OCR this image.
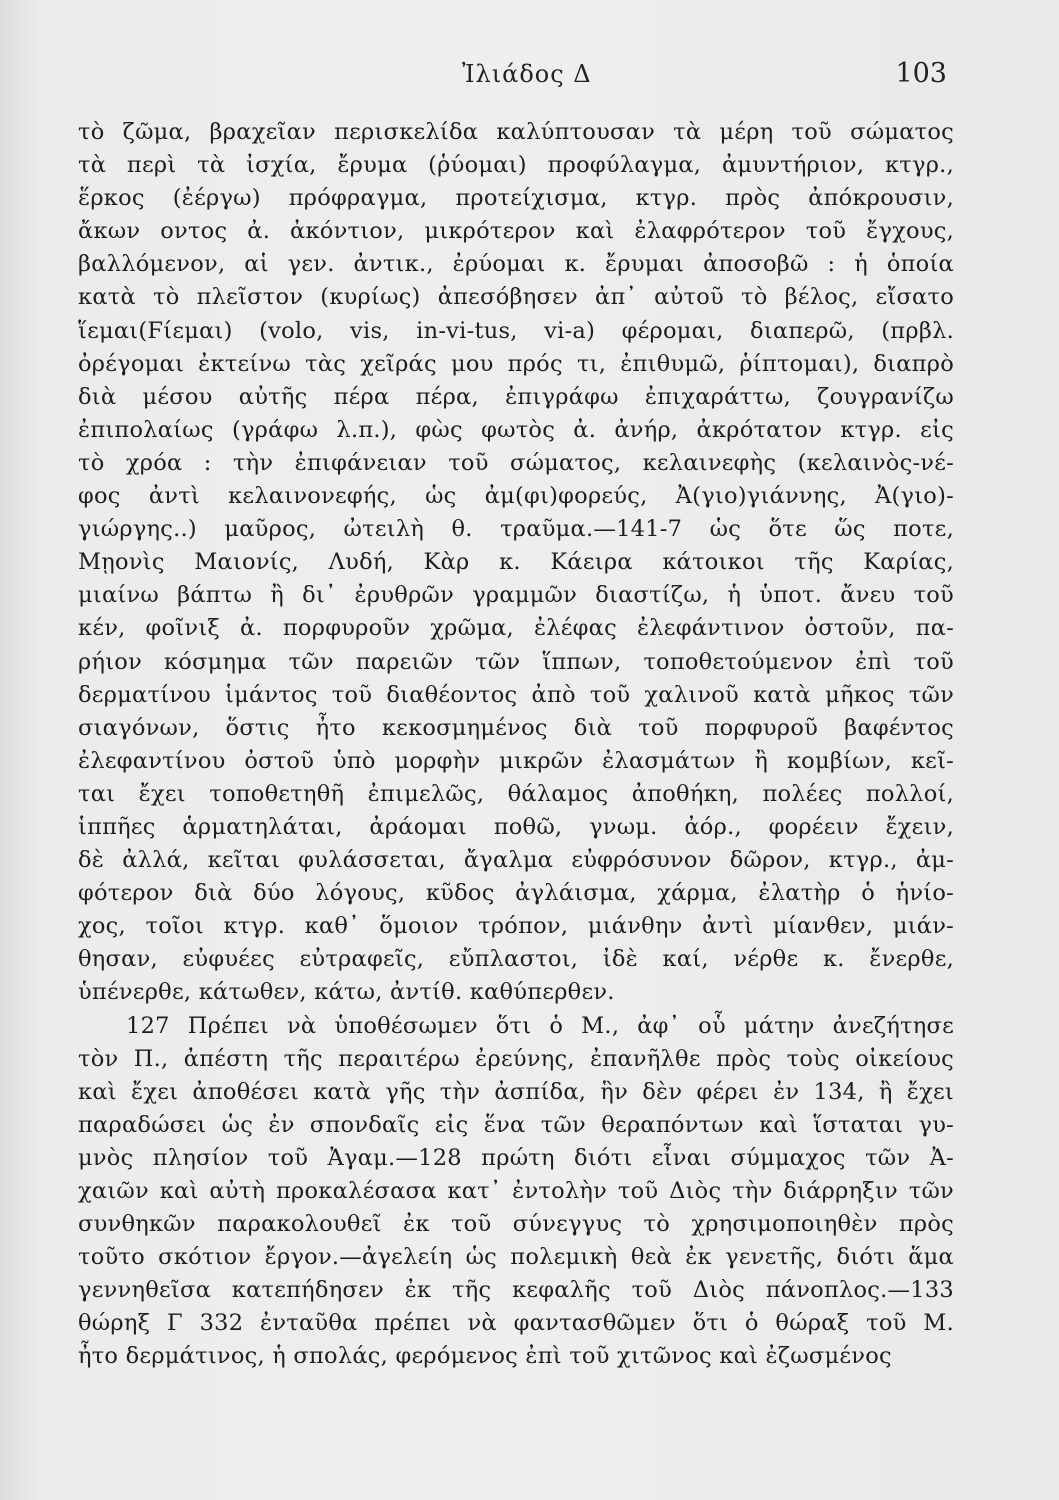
Ἰλιάδος Δ	103
τὸ ζῶμα, βραχεῖαν περισκελίδα καλύπτουσαν τὰ μέρη τοῦ σώματος
τὰ περὶ τὰ ἰσχία, ἔρυμα (ῥύομαι) προφύλαγμα, ἀμυντήριον, κτγρ.,
ἕρκος (ἐέργω) πρόφραγμα, προτείχισμα, κτγρ. πρὸς ἀπόκρουσιν,
ἄκων οντος ἀ. ἀκόντιον, μικρότερον καὶ ἐλαφρότερον τοῦ ἔγχους,
βαλλόμενον, αἱ γεν. ἀντικ., ἐρύομαι κ. ἔρυμαι ἀποσοβῶ : ἡ ὁποία
κατὰ τὸ πλεῖστον (κυρίως) ἀπεσόβησεν ἀπ᾽ αὐτοῦ τὸ βέλος, εἴσατο
ἵεμαι(Ϝίεμαι) (volo, vis, in-vi-tus, vi-a) φέρομαι, διαπερῶ, (πρβλ.
ὀρέγομαι ἐκτείνω τὰς χεῖράς μου πρός τι, ἐπιθυμῶ, ῥίπτομαι), διαπρὸ
διὰ μέσου αὐτῆς πέρα πέρα, ἐπιγράφω ἐπιχαράττω, ζουγρανίζω
ἐπιπολαίως (γράφω λ.π.), φὼς φωτὸς ἀ. ἀνήρ, ἀκρότατον κτγρ. εἰς
τὸ χρόα : τὴν ἐπιφάνειαν τοῦ σώματος, κελαινεφὴς (κελαινὸς-νέ-
φος ἀντὶ κελαινονεφής, ὡς ἀμ(φι)φορεύς, Ἀ(γιο)γιάννης, Ἀ(γιο)-
γιώργης..) μαῦρος, ὠτειλὴ θ. τραῦμα.—141-7 ὡς ὅτε ὥς ποτε,
Μῃονὶς Μαιονίς, Λυδή, Κὰρ κ. Κάειρα κάτοικοι τῆς Καρίας,
μιαίνω βάπτω ἢ δι᾽ ἐρυθρῶν γραμμῶν διαστίζω, ἡ ὑποτ. ἄνευ τοῦ
κέν, φοῖνιξ ἀ. πορφυροῦν χρῶμα, ἐλέφας ἐλεφάντινον ὀστοῦν, πα-
ρήιον κόσμημα τῶν παρειῶν τῶν ἵππων, τοποθετούμενον ἐπὶ τοῦ
δερματίνου ἱμάντος τοῦ διαθέοντος ἀπὸ τοῦ χαλινοῦ κατὰ μῆκος τῶν
σιαγόνων, ὅστις ἦτο κεκοσμημένος διὰ τοῦ πορφυροῦ βαφέντος
ἐλεφαντίνου ὀστοῦ ὑπὸ μορφὴν μικρῶν ἐλασμάτων ἢ κομβίων, κεῖ-
ται ἔχει τοποθετηθῆ ἐπιμελῶς, θάλαμος ἀποθήκη, πολέες πολλοί,
ἱππῆες ἁρματηλάται, ἀράομαι ποθῶ, γνωμ. ἀόρ., φορέειν ἔχειν,
δὲ ἀλλά, κεῖται φυλάσσεται, ἄγαλμα εὐφρόσυνον δῶρον, κτγρ., ἀμ-
φότερον διὰ δύο λόγους, κῦδος ἀγλάισμα, χάρμα, ἐλατὴρ ὁ ἡνίο-
χος, τοῖοι κτγρ. καθ᾽ ὅμοιον τρόπον, μιάνθην ἀντὶ μίανθεν, μιάν-
θησαν, εὐφυέες εὐτραφεῖς, εὔπλαστοι, ἰδὲ καί, νέρθε κ. ἔνερθε,
ὑπένερθε, κάτωθεν, κάτω, ἀντίθ. καθύπερθεν.
127 Πρέπει νὰ ὑποθέσωμεν ὅτι ὁ Μ., ἀφ᾽ οὗ μάτην ἀνεζήτησε
τὸν Π., ἀπέστη τῆς περαιτέρω ἐρεύνης, ἐπανῆλθε πρὸς τοὺς οἰκείους
καὶ ἔχει ἀποθέσει κατὰ γῆς τὴν ἀσπίδα, ἣν δὲν φέρει ἐν 134, ἢ ἔχει
παραδώσει ὡς ἐν σπονδαῖς εἰς ἕνα τῶν θεραπόντων καὶ ἵσταται γυ-
μνὸς πλησίον τοῦ Ἀγαμ.—128 πρώτη διότι εἶναι σύμμαχος τῶν Ἀ-
χαιῶν καὶ αὐτὴ προκαλέσασα κατ᾽ ἐντολὴν τοῦ Διὸς τὴν διάρρηξιν τῶν
συνθηκῶν παρακολουθεῖ ἐκ τοῦ σύνεγγυς τὸ χρησιμοποιηθὲν πρὸς
τοῦτο σκότιον ἔργον.—ἀγελείη ὡς πολεμικὴ θεὰ ἐκ γενετῆς, διότι ἅμα
γεννηθεῖσα κατεπήδησεν ἐκ τῆς κεφαλῆς τοῦ Διὸς πάνοπλος.—133
θώρηξ Γ 332 ἐνταῦθα πρέπει νὰ φαντασθῶμεν ὅτι ὁ θώραξ τοῦ Μ.
ἦτο δερμάτινος, ἡ σπολάς, φερόμενος ἐπὶ τοῦ χιτῶνος καὶ ἐζωσμένος
